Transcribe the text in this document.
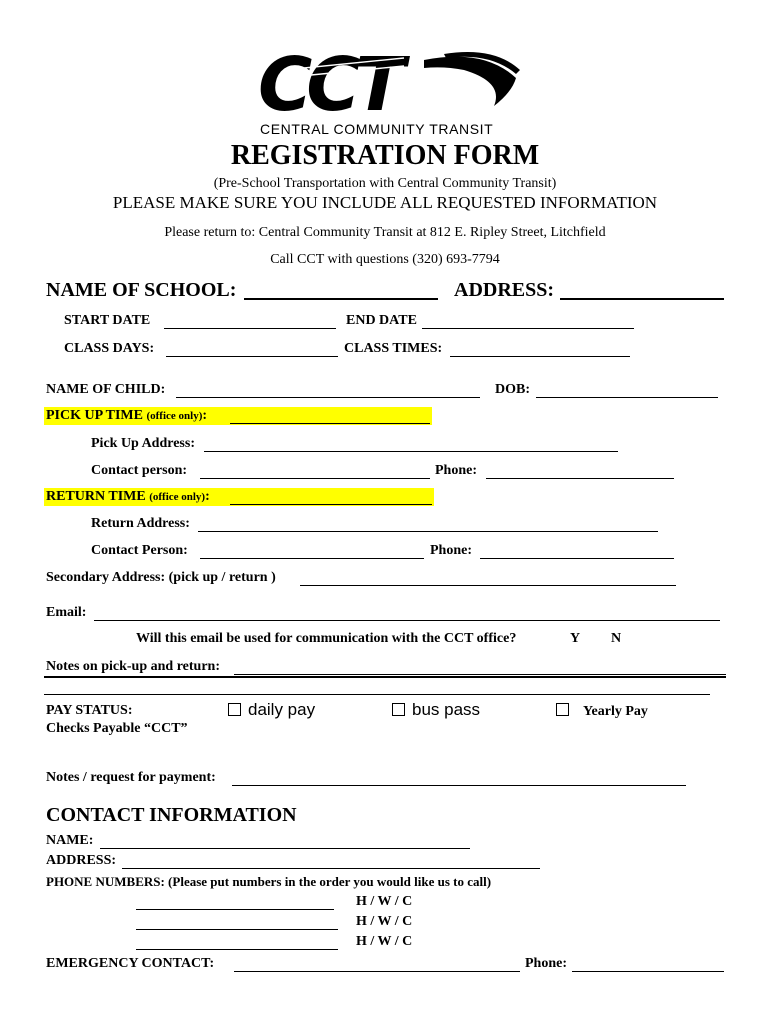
CCT
CENTRAL COMMUNITY TRANSIT
REGISTRATION FORM
(Pre-School Transportation with Central Community Transit)
PLEASE MAKE SURE YOU INCLUDE ALL REQUESTED INFORMATION
Please return to: Central Community Transit at 812 E. Ripley Street, Litchfield
Call CCT with questions (320) 693-7794
NAME OF SCHOOL:	ADDRESS:
START DATE	END DATE
CLASS DAYS:	CLASS TIMES:
NAME OF CHILD:	DOB:
PICK UP TIME (office only):
Pick Up Address:
Contact person:	Phone:
RETURN TIME (office only):
Return Address:
Contact Person:	Phone:
Secondary Address: (pick up / return )
Email:
Will this email be used for communication with the CCT office?	Y N
Notes on pick-up and return:
PAY STATUS:
Checks Payable “CCT”
daily pay	bus pass	Yearly Pay
Notes / request for payment:
CONTACT INFORMATION
NAME:
ADDRESS:
PHONE NUMBERS: (Please put numbers in the order you would like us to call)
H / W / C
H / W / C
H / W / C
EMERGENCY CONTACT:	Phone:
